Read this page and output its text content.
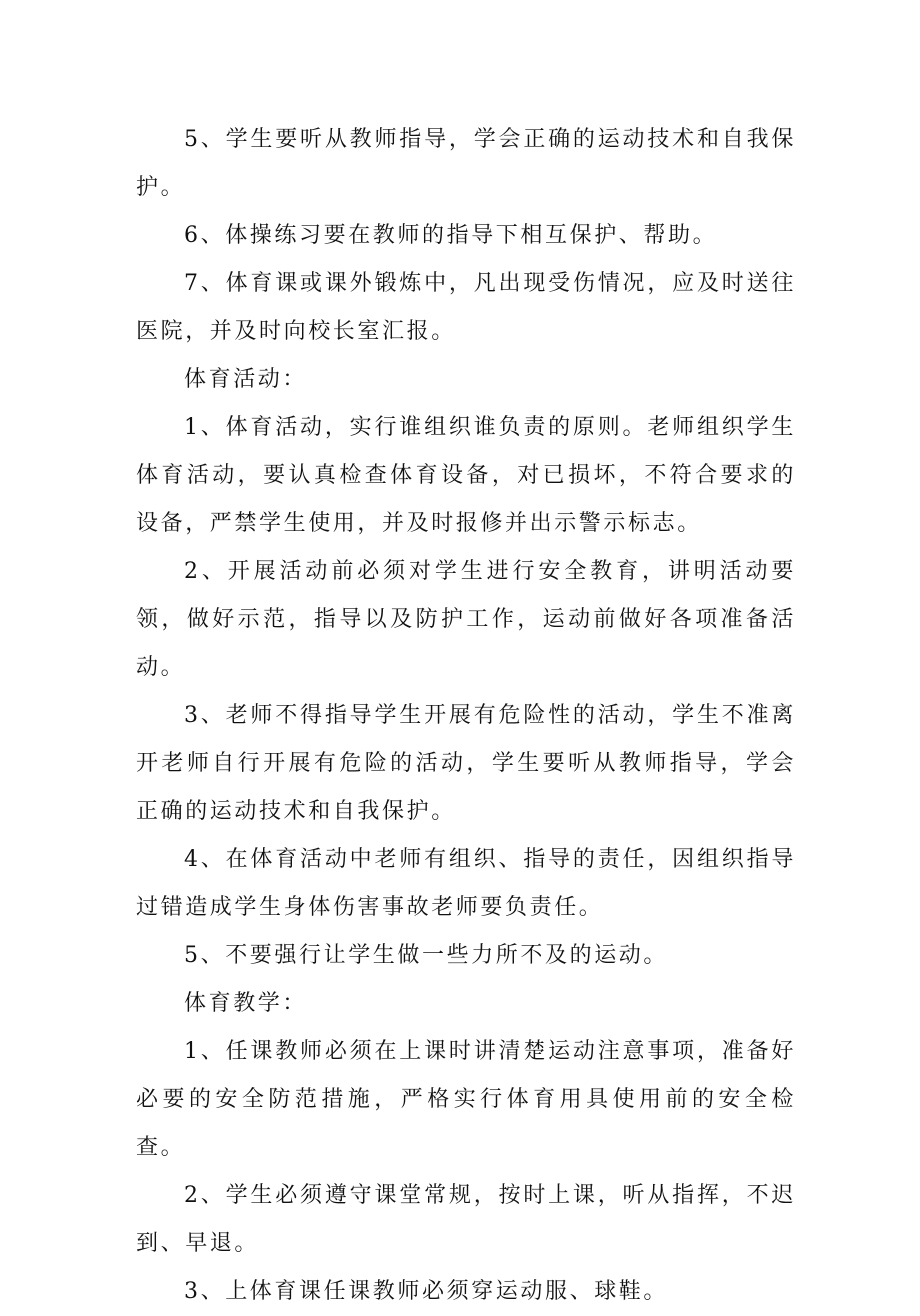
5、学生要听从教师指导，学会正确的运动技术和自我保护。

6、体操练习要在教师的指导下相互保护、帮助。

7、体育课或课外锻炼中，凡出现受伤情况，应及时送往医院，并及时向校长室汇报。

体育活动：

1、体育活动，实行谁组织谁负责的原则。老师组织学生体育活动，要认真检查体育设备，对已损坏，不符合要求的设备，严禁学生使用，并及时报修并出示警示标志。

2、开展活动前必须对学生进行安全教育，讲明活动要领，做好示范，指导以及防护工作，运动前做好各项准备活动。

3、老师不得指导学生开展有危险性的活动，学生不准离开老师自行开展有危险的活动，学生要听从教师指导，学会正确的运动技术和自我保护。

4、在体育活动中老师有组织、指导的责任，因组织指导过错造成学生身体伤害事故老师要负责任。

5、不要强行让学生做一些力所不及的运动。

体育教学：

1、任课教师必须在上课时讲清楚运动注意事项，准备好必要的安全防范措施，严格实行体育用具使用前的安全检查。

2、学生必须遵守课堂常规，按时上课，听从指挥，不迟到、早退。

3、上体育课任课教师必须穿运动服、球鞋。
